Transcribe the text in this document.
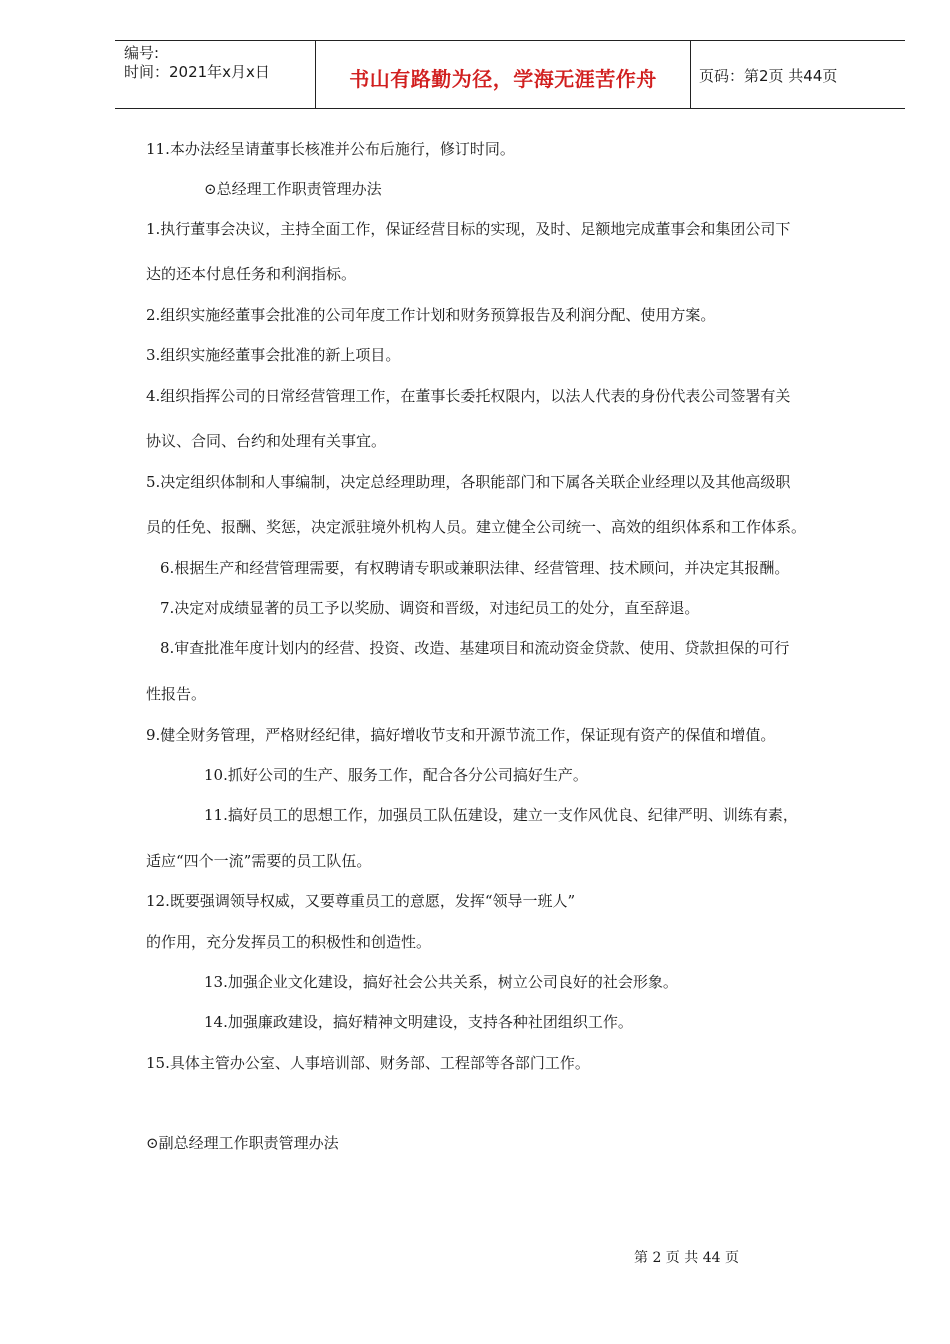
编号:
时间：2021年x月x日	书山有路勤为径，学海无涯苦作舟	页码：第2页 共44页
11.本办法经呈请董事长核准并公布后施行，修订时同。
⊙总经理工作职责管理办法
1.执行董事会决议，主持全面工作，保证经营目标的实现，及时、足额地完成董事会和集团公司下
达的还本付息任务和利润指标。
2.组织实施经董事会批准的公司年度工作计划和财务预算报告及利润分配、使用方案。
3.组织实施经董事会批准的新上项目。
4.组织指挥公司的日常经营管理工作，在董事长委托权限内，以法人代表的身份代表公司签署有关
协议、合同、台约和处理有关事宜。
5.决定组织体制和人事编制，决定总经理助理，各职能部门和下属各关联企业经理以及其他高级职
员的任免、报酬、奖惩，决定派驻境外机构人员。建立健全公司统一、高效的组织体系和工作体系。
6.根据生产和经营管理需要，有权聘请专职或兼职法律、经营管理、技术顾问，并决定其报酬。
7.决定对成绩显著的员工予以奖励、调资和晋级，对违纪员工的处分，直至辞退。
8.审查批准年度计划内的经营、投资、改造、基建项目和流动资金贷款、使用、贷款担保的可行
性报告。
9.健全财务管理，严格财经纪律，搞好增收节支和开源节流工作，保证现有资产的保值和增值。
10.抓好公司的生产、服务工作，配合各分公司搞好生产。
11.搞好员工的思想工作，加强员工队伍建设，建立一支作风优良、纪律严明、训练有素，
适应“四个一流”需要的员工队伍。
12.既要强调领导权威，又要尊重员工的意愿，发挥“领导一班人”
的作用，充分发挥员工的积极性和创造性。
13.加强企业文化建设，搞好社会公共关系，树立公司良好的社会形象。
14.加强廉政建设，搞好精神文明建设，支持各种社团组织工作。
15.具体主管办公室、人事培训部、财务部、工程部等各部门工作。
⊙副总经理工作职责管理办法
第 2 页 共 44 页
